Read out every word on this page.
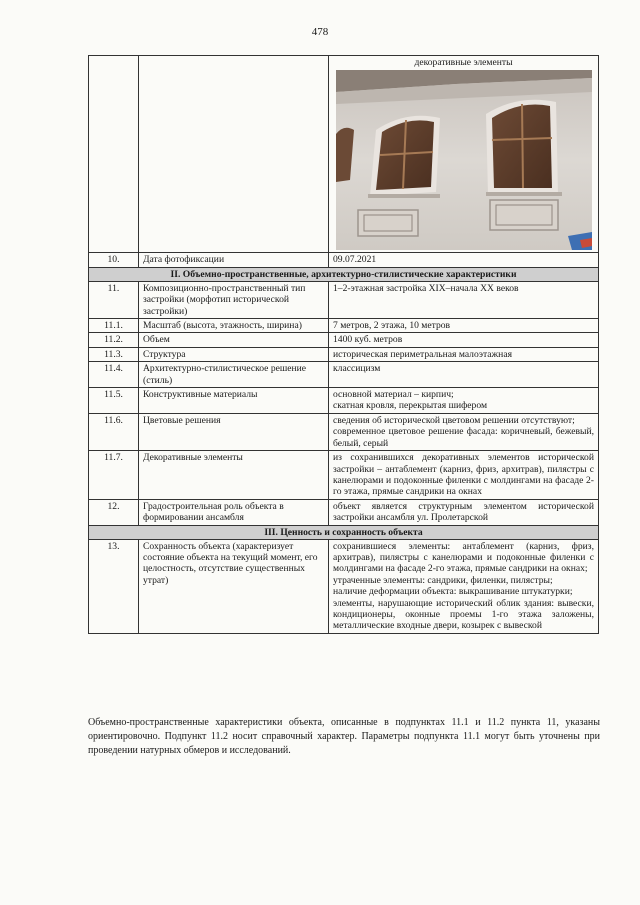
478

		декоративные элементы

10.	Дата фотофиксации	09.07.2021
II. Объемно-пространственные, архитектурно-стилистические характеристики		
11.	Композиционно-пространственный тип застройки (морфотип исторической застройки)	1–2-этажная застройка XIX–начала XX веков
11.1.	Масштаб (высота, этажность, ширина)	7 метров, 2 этажа, 10 метров
11.2.	Объем	1400 куб. метров
11.3.	Структура	историческая периметральная малоэтажная
11.4.	Архитектурно-стилистическое решение (стиль)	классицизм
11.5.	Конструктивные материалы	основной материал – кирпич;
скатная кровля, перекрытая шифером
11.6.	Цветовые решения	сведения об исторической цветовом решении отсутствуют;
современное цветовое решение фасада: коричневый, бежевый, белый, серый
11.7.	Декоративные элементы	из сохранившихся декоративных элементов исторической застройки – антаблемент (карниз, фриз, архитрав), пилястры с канелюрами и подоконные филенки с молдингами на фасаде 2-го этажа, прямые сандрики на окнах
12.	Градостроительная роль объекта в формировании ансамбля	объект является структурным элементом исторической застройки ансамбля ул. Пролетарской
III. Ценность и сохранность объекта		
13.	Сохранность объекта (характеризует состояние объекта на текущий момент, его целостность, отсутствие существенных утрат)	сохранившиеся элементы: антаблемент (карниз, фриз, архитрав), пилястры с канелюрами и подоконные филенки с молдингами на фасаде 2-го этажа, прямые сандрики на окнах;
утраченные элементы: сандрики, филенки, пилястры;
наличие деформации объекта: выкрашивание штукатурки;
элементы, нарушающие исторический облик здания: вывески, кондиционеры, оконные проемы 1-го этажа заложены, металлические входные двери, козырек с вывеской
Объемно-пространственные характеристики объекта, описанные в подпунктах 11.1 и 11.2 пункта 11, указаны ориентировочно. Подпункт 11.2 носит справочный характер. Параметры подпункта 11.1 могут быть уточнены при проведении натурных обмеров и исследований.
